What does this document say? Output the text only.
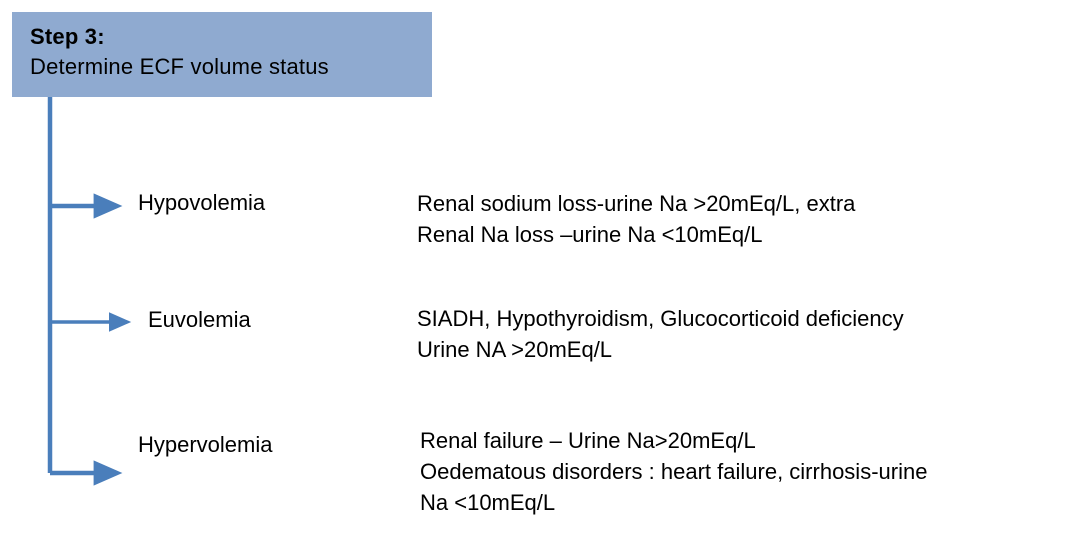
Step 3:
Determine ECF volume status
Hypovolemia	Renal sodium loss-urine Na >20mEq/L, extra
Renal Na loss –urine Na <10mEq/L
Euvolemia	SIADH, Hypothyroidism, Glucocorticoid deficiency
Urine NA >20mEq/L
Hypervolemia	Renal failure – Urine Na>20mEq/L
Oedematous disorders : heart failure, cirrhosis-urine
Na <10mEq/L
